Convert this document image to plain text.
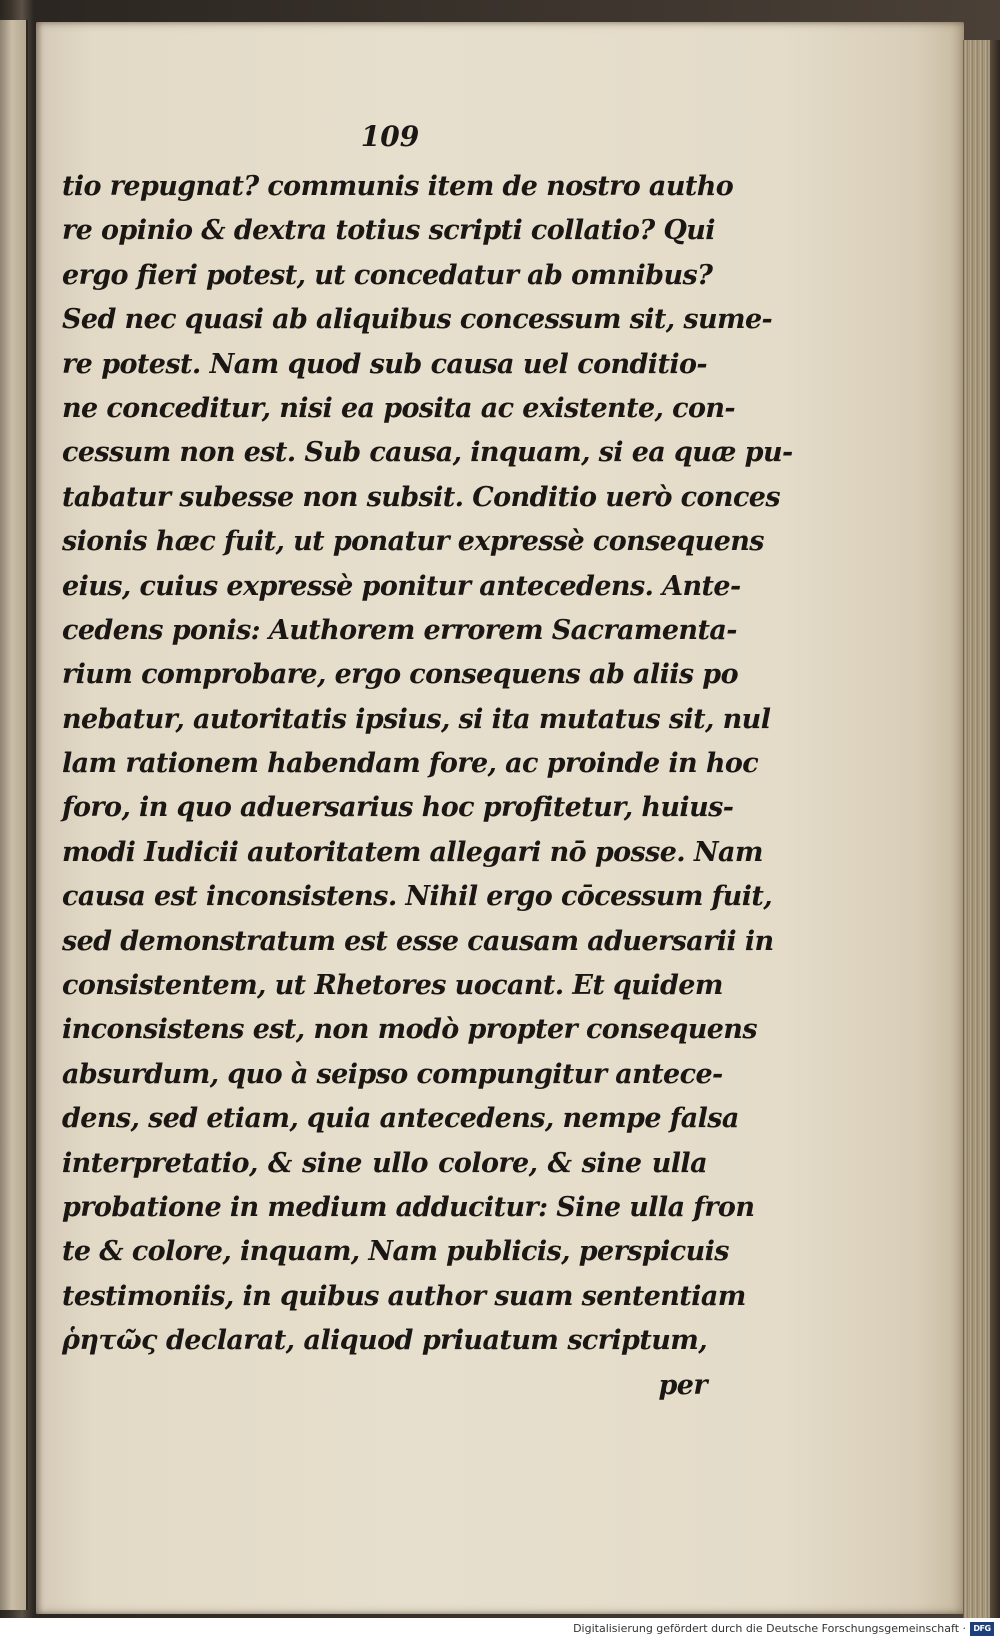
109
tio repugnat? communis item de nostro autho
re opinio & dextra totius scripti collatio? Qui
ergo fieri potest, ut concedatur ab omnibus?
Sed nec quasi ab aliquibus concessum sit, sume-
re potest. Nam quod sub causa uel conditio-
ne conceditur, nisi ea posita ac existente, con-
cessum non est. Sub causa, inquam, si ea quæ pu-
tabatur subesse non subsit. Conditio uerò conces
sionis hæc fuit, ut ponatur expressè consequens
eius, cuius expressè ponitur antecedens. Ante-
cedens ponis: Authorem errorem Sacramenta-
rium comprobare, ergo consequens ab aliis po
nebatur, autoritatis ipsius, si ita mutatus sit, nul
lam rationem habendam fore, ac proinde in hoc
foro, in quo aduersarius hoc profitetur, huius-
modi Iudicii autoritatem allegari nō posse. Nam
causa est inconsistens. Nihil ergo cōcessum fuit,
sed demonstratum est esse causam aduersarii in
consistentem, ut Rhetores uocant. Et quidem
inconsistens est, non modò propter consequens
absurdum, quo à seipso compungitur antece-
dens, sed etiam, quia antecedens, nempe falsa
interpretatio, & sine ullo colore, & sine ulla
probatione in medium adducitur: Sine ulla fron
te & colore, inquam, Nam publicis, perspicuis
testimoniis, in quibus author suam sententiam
ῥητῶς declarat, aliquod priuatum scriptum,
per
Digitalisierung gefördert durch die Deutsche Forschungsgemeinschaft · DFG
